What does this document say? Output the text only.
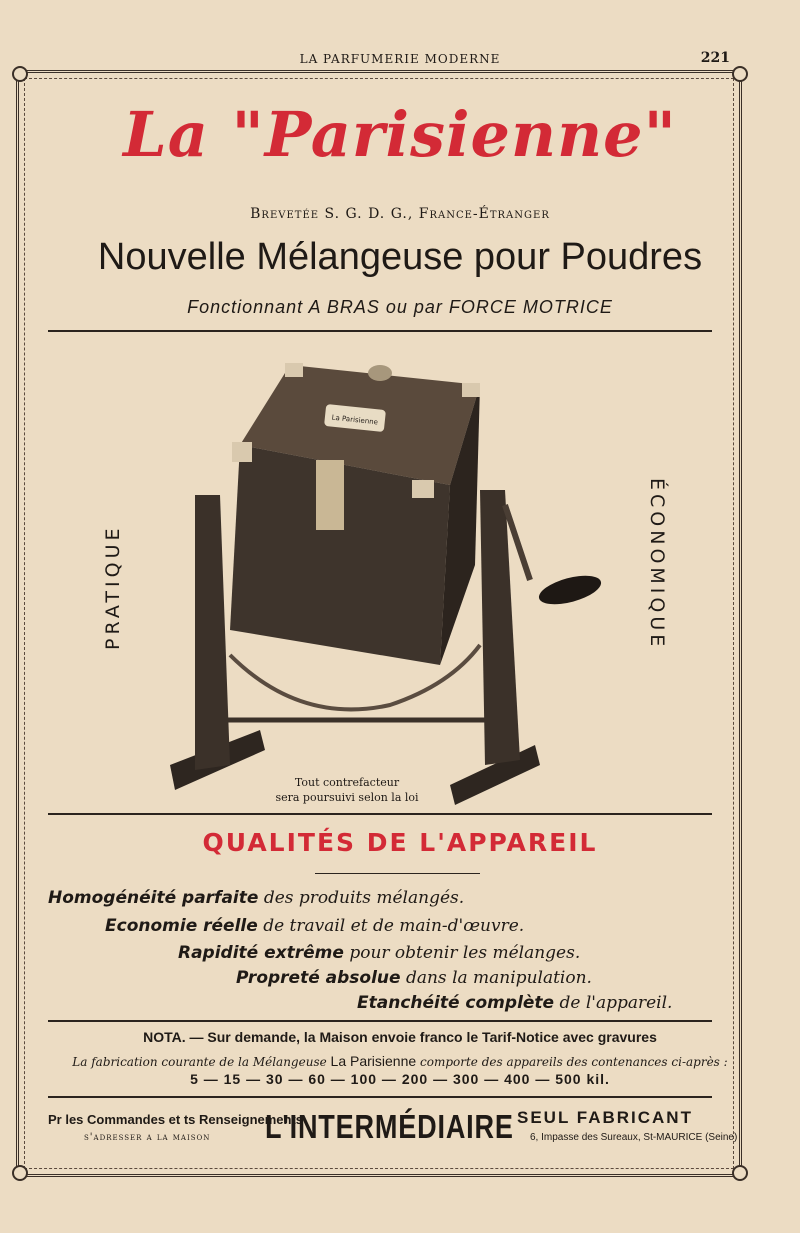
LA PARFUMERIE MODERNE	221
La "Parisienne"
Brevetée S. G. D. G., France-Étranger
Nouvelle Mélangeuse pour Poudres
Fonctionnant A BRAS ou par FORCE MOTRICE
PRATIQUE	ÉCONOMIQUE
La Parisienne
Tout contrefacteur
sera poursuivi selon la loi
QUALITÉS DE L'APPAREIL
Homogénéité parfaite des produits mélangés.
Economie réelle de travail et de main-d'œuvre.
Rapidité extrême pour obtenir les mélanges.
Propreté absolue dans la manipulation.
Etanchéité complète de l'appareil.
NOTA. — Sur demande, la Maison envoie franco le Tarif-Notice avec gravures
La fabrication courante de la Mélangeuse La Parisienne comporte des appareils des contenances ci-après :
5 — 15 — 30 — 60 — 100 — 200 — 300 — 400 — 500 kil.
Pr les Commandes et ts Renseignements
s'adresser a la maison L'INTERMÉDIAIRE SEUL FABRICANT
6, Impasse des Sureaux, St-MAURICE (Seine)
